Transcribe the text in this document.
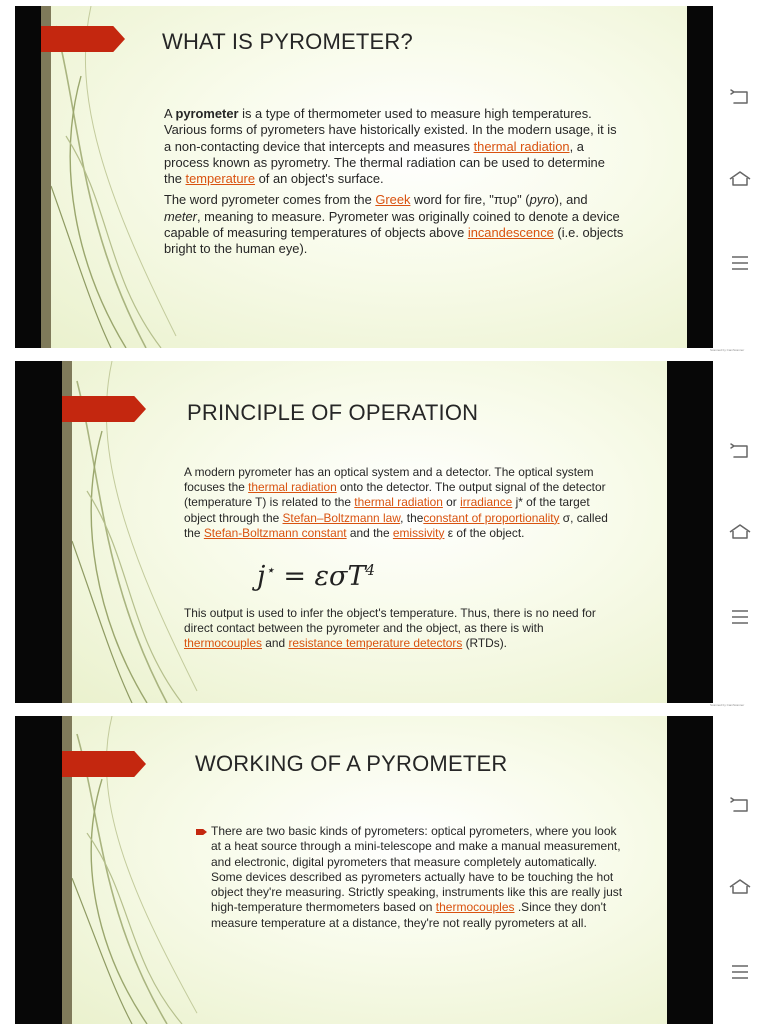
WHAT IS PYROMETER?

A pyrometer is a type of thermometer used to measure high temperatures. Various forms of pyrometers have historically existed. In the modern usage, it is a non-contacting device that intercepts and measures thermal radiation, a process known as pyrometry. The thermal radiation can be used to determine the temperature of an object's surface.

The word pyrometer comes from the Greek word for fire, "πυρ" (pyro), and meter, meaning to measure. Pyrometer was originally coined to denote a device capable of measuring temperatures of objects above incandescence (i.e. objects bright to the human eye).

Scanned by CamScanner
PRINCIPLE OF OPERATION

A modern pyrometer has an optical system and a detector. The optical system focuses the thermal radiation onto the detector. The output signal of the detector (temperature T) is related to the thermal radiation or irradiance j* of the target object through the Stefan–Boltzmann law, theconstant of proportionality σ, called the Stefan-Boltzmann constant and the emissivity ε of the object.

j⋆ = εσT$^4$

This output is used to infer the object's temperature. Thus, there is no need for direct contact between the pyrometer and the object, as there is with thermocouples and resistance temperature detectors (RTDs).

Scanned by CamScanner
WORKING OF A PYROMETER

There are two basic kinds of pyrometers: optical pyrometers, where you look at a heat source through a mini-telescope and make a manual measurement, and electronic, digital pyrometers that measure completely automatically. Some devices described as pyrometers actually have to be touching the hot object they're measuring. Strictly speaking, instruments like this are really just high-temperature thermometers based on thermocouples .Since they don't measure temperature at a distance, they're not really pyrometers at all.
